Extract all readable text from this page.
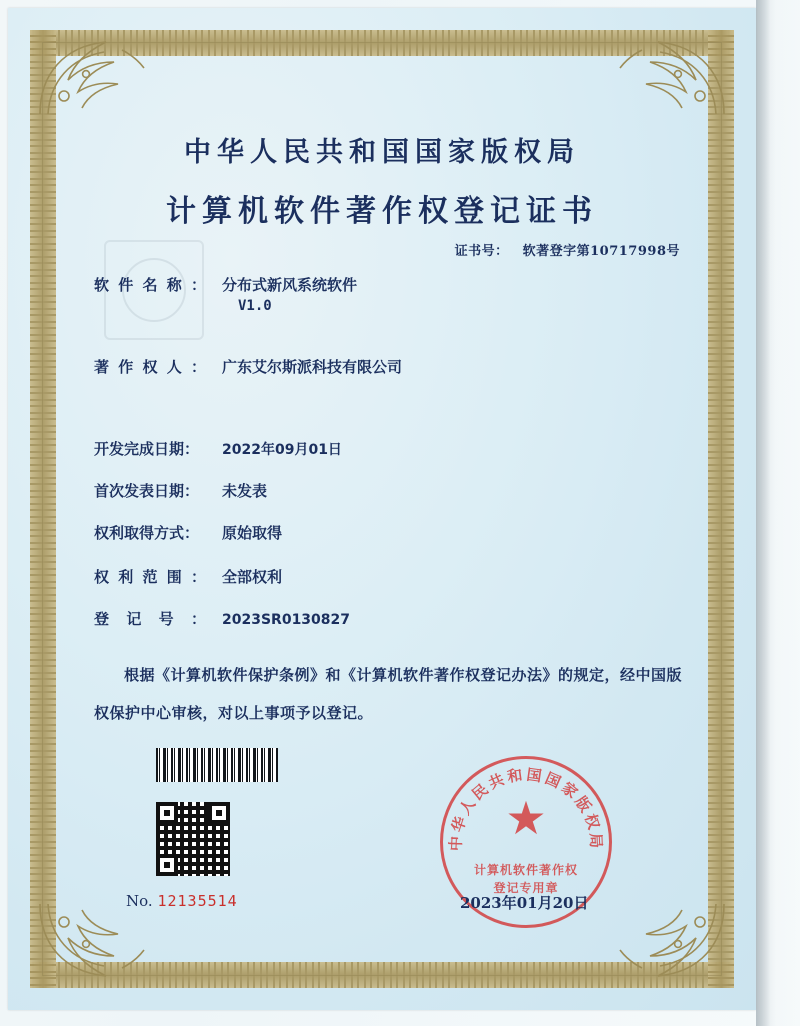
中华人民共和国国家版权局
计算机软件著作权登记证书
证书号： 软著登字第10717998号
软件名称： 分布式新风系统软件
V1.0
著作权人： 广东艾尔斯派科技有限公司
开发完成日期： 2022年09月01日
首次发表日期： 未发表
权利取得方式： 原始取得
权利范围： 全部权利
登记号： 2023SR0130827
根据《计算机软件保护条例》和《计算机软件著作权登记办法》的规定，经中国版权保护中心审核，对以上事项予以登记。
中华人民共和国国家版权局
★
计算机软件著作权
登记专用章
No. 12135514	2023年01月20日
